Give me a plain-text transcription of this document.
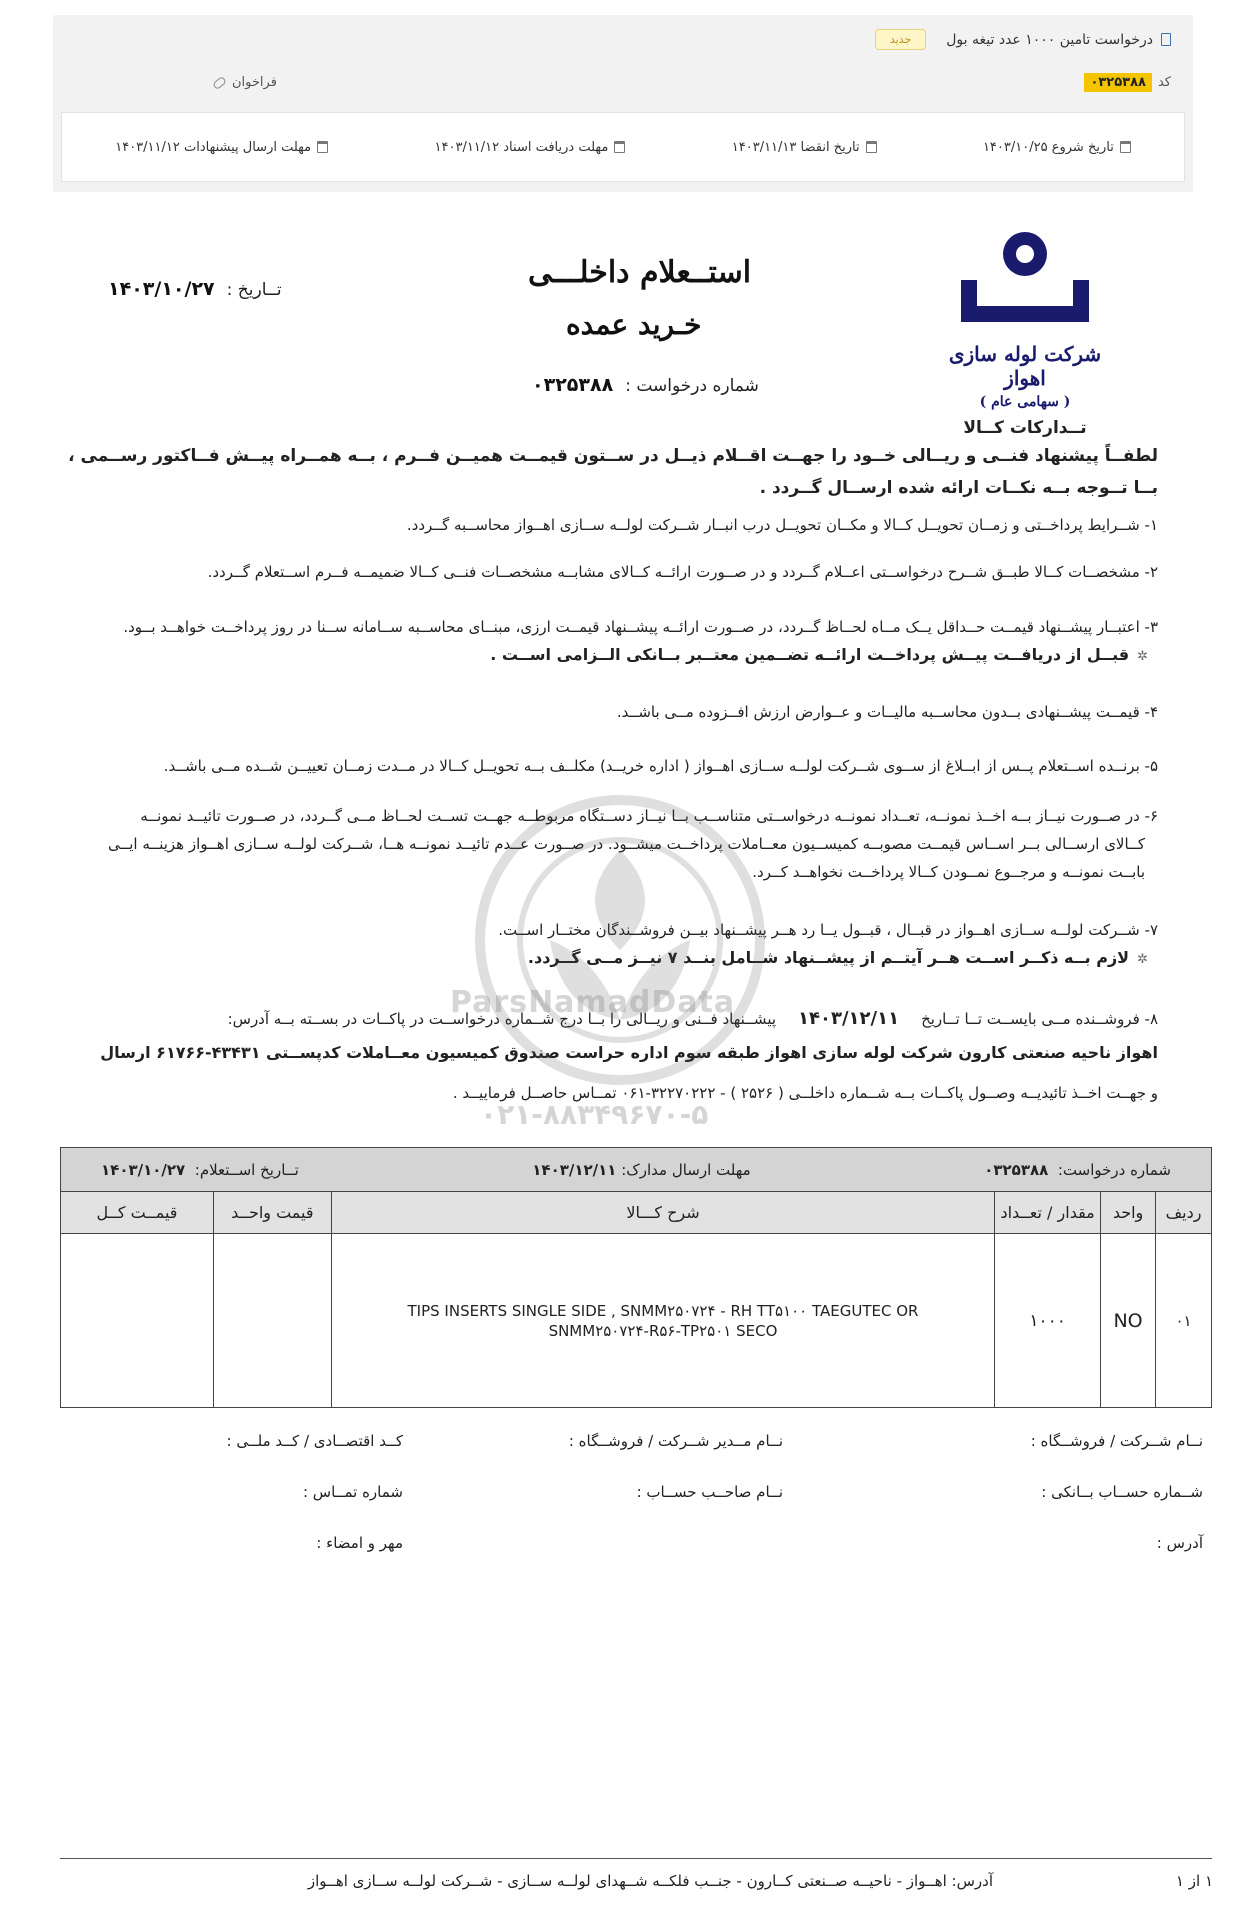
درخواست تامین ۱۰۰۰ عدد تیغه بول
جدید
کد
۰۳۲۵۳۸۸
فراخوان
تاریخ شروع ۱۴۰۳/۱۰/۲۵
تاریخ انقضا ۱۴۰۳/۱۱/۱۳
مهلت دریافت اسناد ۱۴۰۳/۱۱/۱۲
مهلت ارسال پیشنهادات ۱۴۰۳/۱۱/۱۲
شرکت لوله سازی اهواز
( سهامی عام )
تــدارکات کــالا
استــعلام داخلـــی
خـرید عمده
شماره درخواست :
۰۳۲۵۳۸۸
تــاریخ :
۱۴۰۳/۱۰/۲۷
لطفــاً پیشنهاد فنــی و ریــالی خــود را جهــت اقــلام ذیــل در ســتون قیمــت همیــن فــرم ، بــه همــراه پیــش فــاکتور رســمی ، بــا تــوجه بــه نکــات ارائه شده ارســال گــردد .
۱- شــرایط پرداخــتی و زمــان تحویــل کــالا و مکــان تحویــل درب انبــار شــرکت لولــه ســازی اهــواز محاســبه گــردد.
۲- مشخصــات کــالا طبــق شــرح درخواســتی اعــلام گــردد و در صــورت ارائــه کــالای مشابــه مشخصــات فنــی کــالا ضمیمــه فــرم اســتعلام گــردد.
۳- اعتبــار پیشــنهاد قیمــت حــداقل یــک مــاه لحــاظ گــردد، در صــورت ارائــه پیشــنهاد قیمــت ارزی، مبنــای محاســبه ســامانه ســنا در روز پرداخــت خواهــد بــود.
✲قبــل از دریافــت پیــش پرداخــت ارائــه تضــمین معتــبر بــانکی الــزامی اســت .
۴- قیمــت پیشــنهادی بــدون محاســبه مالیــات و عــوارض ارزش افــزوده مــی باشــد.
۵- برنــده اســتعلام پــس از ابــلاغ از ســوی شــرکت لولــه ســازی اهــواز ( اداره خریــد) مکلــف بــه تحویــل کــالا در مــدت زمــان تعییــن شــده مــی باشــد.
۶- در صــورت نیــاز بــه اخــذ نمونــه، تعــداد نمونــه درخواســتی متناســب بــا نیــاز دســتگاه مربوطــه جهــت تســت لحــاظ مــی گــردد، در صــورت تائیــد نمونــه
کــالای ارســالی بــر اســاس قیمــت مصوبــه کمیســیون معــاملات پرداخــت میشــود. در صــورت عــدم تائیــد نمونــه هــا، شــرکت لولــه ســازی اهــواز هزینــه ایــی
بابــت نمونــه و مرجــوع نمــودن کــالا پرداخــت نخواهــد کــرد.
۷- شــرکت لولــه ســازی اهــواز در قبــال ، قبــول یــا رد هــر پیشــنهاد بیــن فروشــندگان مختــار اســت.
✲لازم بــه ذکــر اســت هــر آیتــم از پیشــنهاد شــامل بنــد ۷ نیــز مــی گــردد.
۸- فروشــنده مــی بایســت تــا تــاریخ
۱۴۰۳/۱۲/۱۱
پیشــنهاد فــنی و ریــالی را بــا درج شــماره درخواســت در پاکــات در بســته بــه آدرس:
اهواز ناحیه صنعتی کارون شرکت لوله سازی اهواز طبقه سوم اداره حراست صندوق کمیسیون معــاملات کدپســتی ۴۳۴۳۱-۶۱۷۶۶ ارسال
و جهــت اخــذ تائیدیــه وصــول پاکــات بــه شــماره داخلــی ( ۲۵۲۶ ) - ۳۲۲۷۰۲۲۲-۰۶۱ تمــاس حاصــل فرماییــد .
ParsNamadData
۰۲۱-۸۸۳۴۹۶۷۰-۵
شماره درخواست:  ۰۳۲۵۳۸۸
مهلت ارسال مدارک: ۱۴۰۳/۱۲/۱۱
تــاریخ اســتعلام:  ۱۴۰۳/۱۰/۲۷					

ردیف	واحد	مقدار / تعــداد	شرح کـــالا	قیمت واحــد	قیمــت کــل
۰۱	NO	۱۰۰۰	TIPS INSERTS SINGLE SIDE , SNMM۲۵۰۷۲۴ - RH TT۵۱۰۰ TAEGUTEC OR
SNMM۲۵۰۷۲۴-R۵۶-TP۲۵۰۱ SECO		

نــام شــرکت / فروشــگاه :
نــام مــدیر شــرکت / فروشــگاه :
کــد اقتصــادی / کــد ملــی :
شــماره حســاب بــانکی :
نــام صاحــب حســاب :
شماره تمــاس :
آدرس :
مهر و امضاء :
آدرس: اهــواز - ناحیــه صــنعتی کــارون - جنــب فلکــه شــهدای لولــه ســازی - شــرکت لولــه ســازی اهــواز	۱ از ۱
